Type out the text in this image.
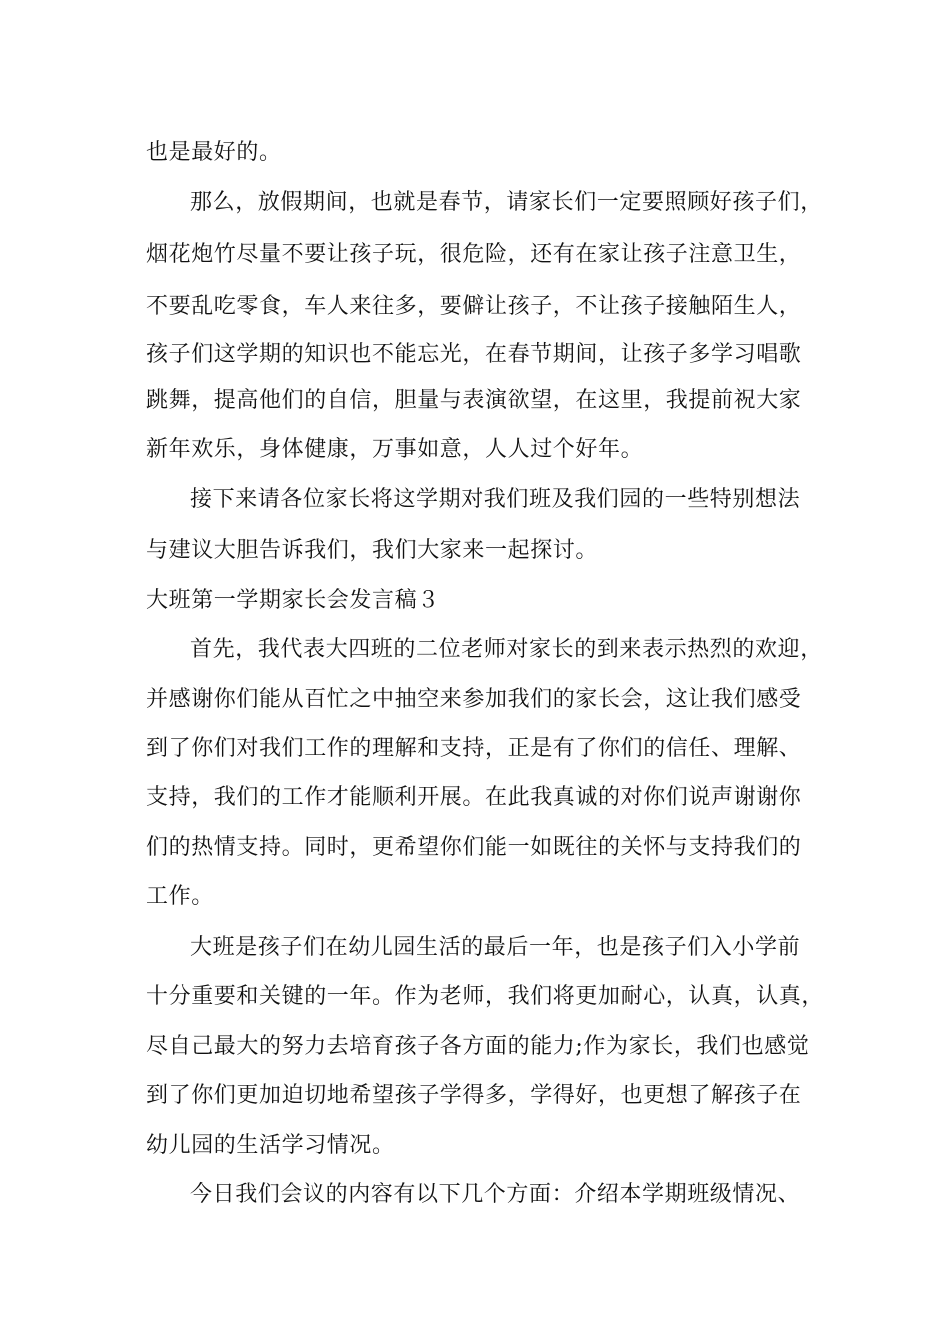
也是最好的。
那么，放假期间，也就是春节，请家长们一定要照顾好孩子们，
烟花炮竹尽量不要让孩子玩，很危险，还有在家让孩子注意卫生，
不要乱吃零食，车人来往多，要僻让孩子，不让孩子接触陌生人，
孩子们这学期的知识也不能忘光，在春节期间，让孩子多学习唱歌
跳舞，提高他们的自信，胆量与表演欲望，在这里，我提前祝大家
新年欢乐，身体健康，万事如意，人人过个好年。
接下来请各位家长将这学期对我们班及我们园的一些特别想法
与建议大胆告诉我们，我们大家来一起探讨。
大班第一学期家长会发言稿３
首先，我代表大四班的二位老师对家长的到来表示热烈的欢迎，
并感谢你们能从百忙之中抽空来参加我们的家长会，这让我们感受
到了你们对我们工作的理解和支持，正是有了你们的信任、理解、
支持，我们的工作才能顺利开展。在此我真诚的对你们说声谢谢你
们的热情支持。同时，更希望你们能一如既往的关怀与支持我们的
工作。
大班是孩子们在幼儿园生活的最后一年，也是孩子们入小学前
十分重要和关键的一年。作为老师，我们将更加耐心，认真，认真，
尽自己最大的努力去培育孩子各方面的能力;作为家长，我们也感觉
到了你们更加迫切地希望孩子学得多，学得好，也更想了解孩子在
幼儿园的生活学习情况。
今日我们会议的内容有以下几个方面：介绍本学期班级情况、
